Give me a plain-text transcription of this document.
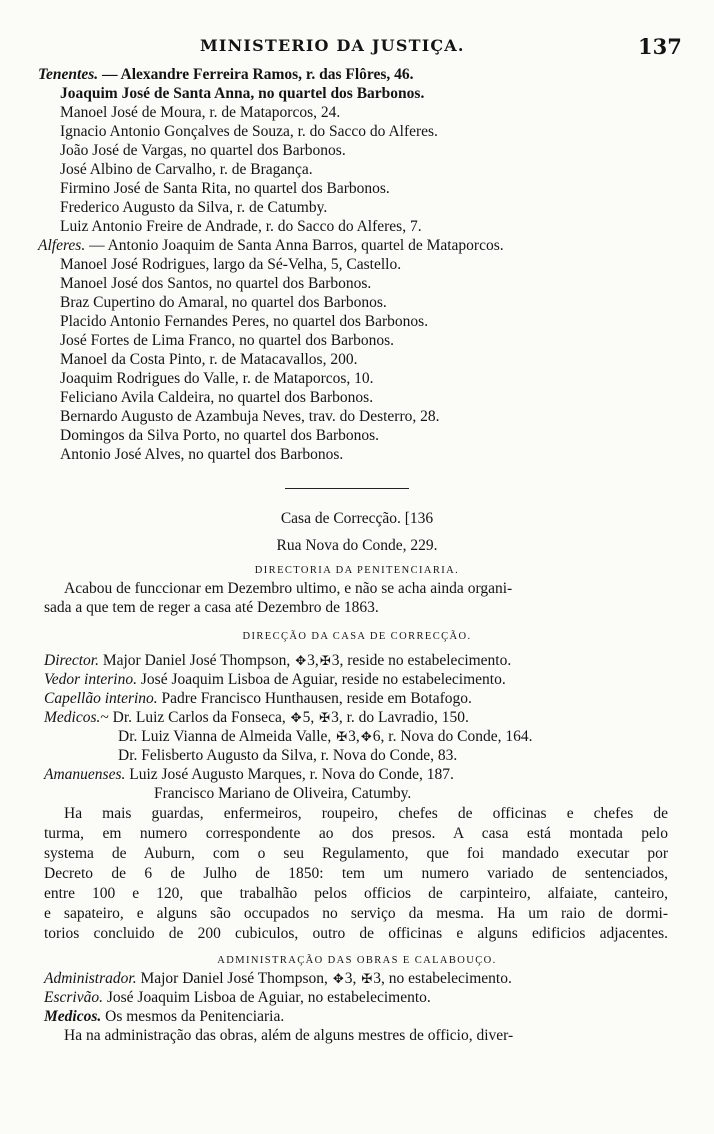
MINISTERIO DA JUSTIÇA.	137
Tenentes. — Alexandre Ferreira Ramos, r. das Flôres, 46.
Joaquim José de Santa Anna, no quartel dos Barbonos.
Manoel José de Moura, r. de Mataporcos, 24.
Ignacio Antonio Gonçalves de Souza, r. do Sacco do Alferes.
João José de Vargas, no quartel dos Barbonos.
José Albino de Carvalho, r. de Bragança.
Firmino José de Santa Rita, no quartel dos Barbonos.
Frederico Augusto da Silva, r. de Catumby.
Luiz Antonio Freire de Andrade, r. do Sacco do Alferes, 7.
Alferes. — Antonio Joaquim de Santa Anna Barros, quartel de Mataporcos.
Manoel José Rodrigues, largo da Sé-Velha, 5, Castello.
Manoel José dos Santos, no quartel dos Barbonos.
Braz Cupertino do Amaral, no quartel dos Barbonos.
Placido Antonio Fernandes Peres, no quartel dos Barbonos.
José Fortes de Lima Franco, no quartel dos Barbonos.
Manoel da Costa Pinto, r. de Matacavallos, 200.
Joaquim Rodrigues do Valle, r. de Mataporcos, 10.
Feliciano Avila Caldeira, no quartel dos Barbonos.
Bernardo Augusto de Azambuja Neves, trav. do Desterro, 28.
Domingos da Silva Porto, no quartel dos Barbonos.
Antonio José Alves, no quartel dos Barbonos.
Casa de Correcção. [136
Rua Nova do Conde, 229.
DIRECTORIA DA PENITENCIARIA.
Acabou de funccionar em Dezembro ultimo, e não se acha ainda organi-
sada a que tem de reger a casa até Dezembro de 1863.
DIRECÇÃO DA CASA DE CORRECÇÃO.
Director. Major Daniel José Thompson, ✥3,✠3, reside no estabelecimento.
Vedor interino. José Joaquim Lisboa de Aguiar, reside no estabelecimento.
Capellão interino. Padre Francisco Hunthausen, reside em Botafogo.
Medicos.~ Dr. Luiz Carlos da Fonseca, ✥5, ✠3, r. do Lavradio, 150.
Dr. Luiz Vianna de Almeida Valle, ✠3,✥6, r. Nova do Conde, 164.
Dr. Felisberto Augusto da Silva, r. Nova do Conde, 83.
Amanuenses. Luiz José Augusto Marques, r. Nova do Conde, 187.
Francisco Mariano de Oliveira, Catumby.
Ha mais guardas, enfermeiros, roupeiro, chefes de officinas e chefes de
turma, em numero correspondente ao dos presos. A casa está montada pelo
systema de Auburn, com o seu Regulamento, que foi mandado executar por
Decreto de 6 de Julho de 1850: tem um numero variado de sentenciados,
entre 100 e 120, que trabalhão pelos officios de carpinteiro, alfaiate, canteiro,
e sapateiro, e alguns são occupados no serviço da mesma. Ha um raio de dormi-
torios concluido de 200 cubiculos, outro de officinas e alguns edificios adjacentes.
ADMINISTRAÇÃO DAS OBRAS E CALABOUÇO.
Administrador. Major Daniel José Thompson, ✥3, ✠3, no estabelecimento.
Escrivão. José Joaquim Lisboa de Aguiar, no estabelecimento.
Medicos. Os mesmos da Penitenciaria.
Ha na administração das obras, além de alguns mestres de officio, diver-
